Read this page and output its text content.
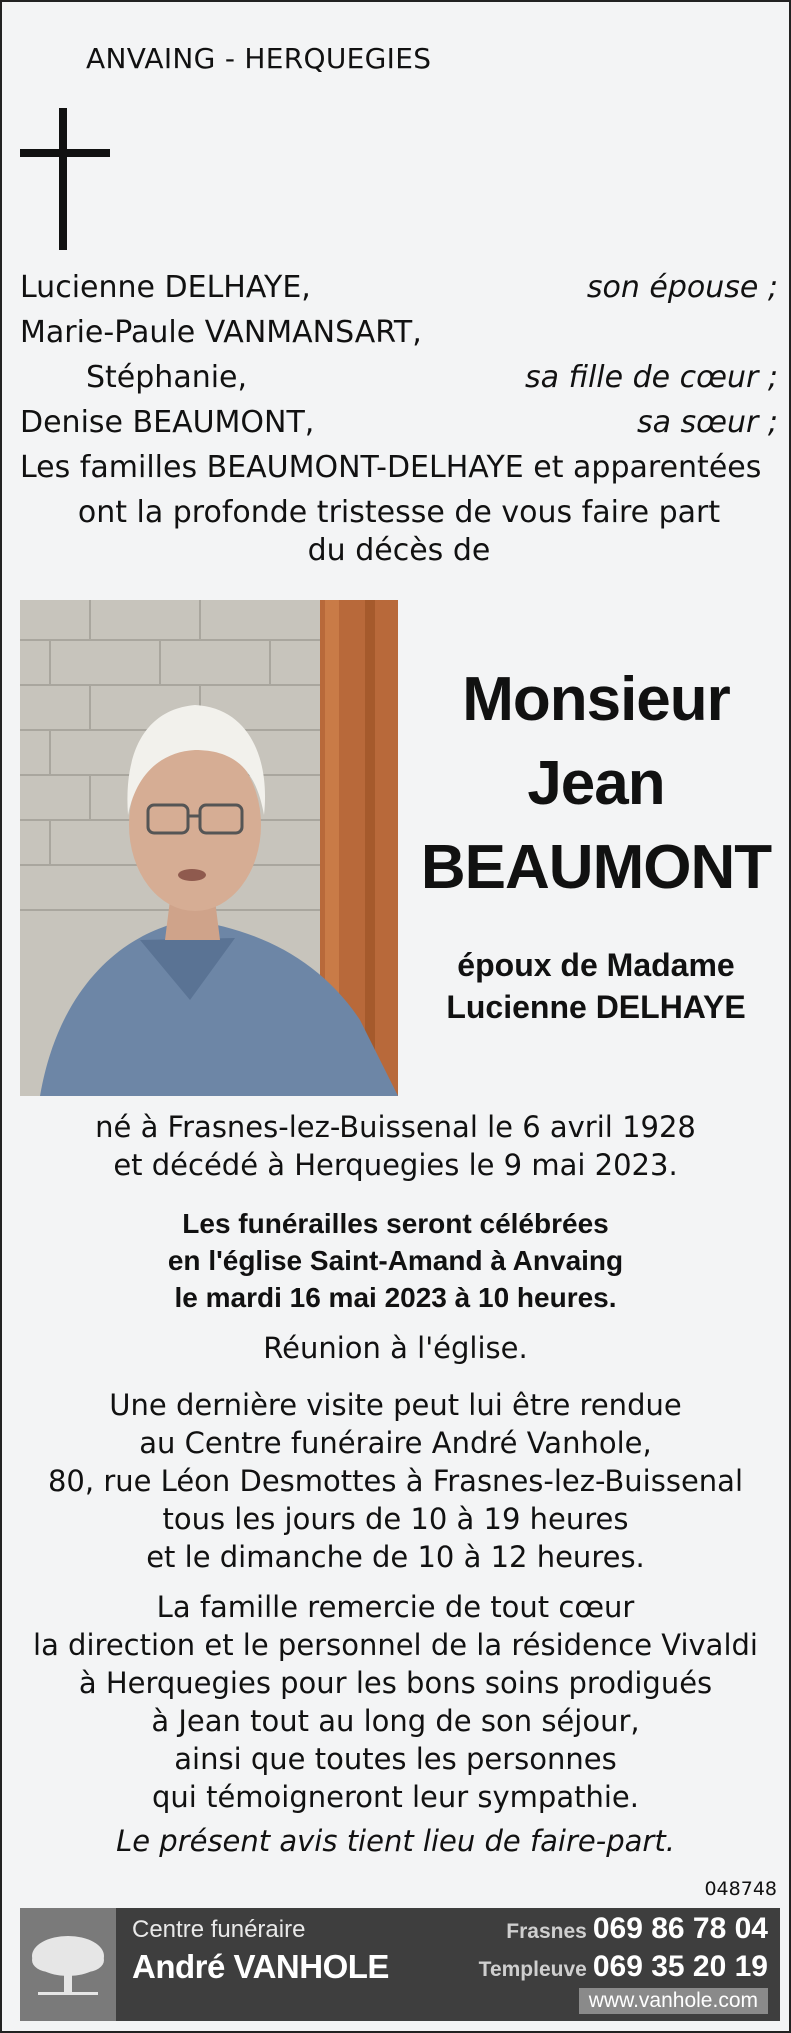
ANVAING - HERQUEGIES
Lucienne DELHAYE,	son épouse ;
Marie-Paule VANMANSART,
Stéphanie,	sa fille de cœur ;
Denise BEAUMONT,	sa sœur ;
Les familles BEAUMONT-DELHAYE et apparentées
ont la profonde tristesse de vous faire part
du décès de
Monsieur
Jean
BEAUMONT
époux de Madame
Lucienne DELHAYE
né à Frasnes-lez-Buissenal le 6 avril 1928
et décédé à Herquegies le 9 mai 2023.
Les funérailles seront célébrées
en l'église Saint-Amand à Anvaing
le mardi 16 mai 2023 à 10 heures.
Réunion à l'église.
Une dernière visite peut lui être rendue
au Centre funéraire André Vanhole,
80, rue Léon Desmottes à Frasnes-lez-Buissenal
tous les jours de 10 à 19 heures
et le dimanche de 10 à 12 heures.
La famille remercie de tout cœur
la direction et le personnel de la résidence Vivaldi
à Herquegies pour les bons soins prodigués
à Jean tout au long de son séjour,
ainsi que toutes les personnes
qui témoigneront leur sympathie.
Le présent avis tient lieu de faire-part.
048748
Centre funéraire
André VANHOLE
Frasnes 069 86 78 04
Templeuve 069 35 20 19
www.vanhole.com
